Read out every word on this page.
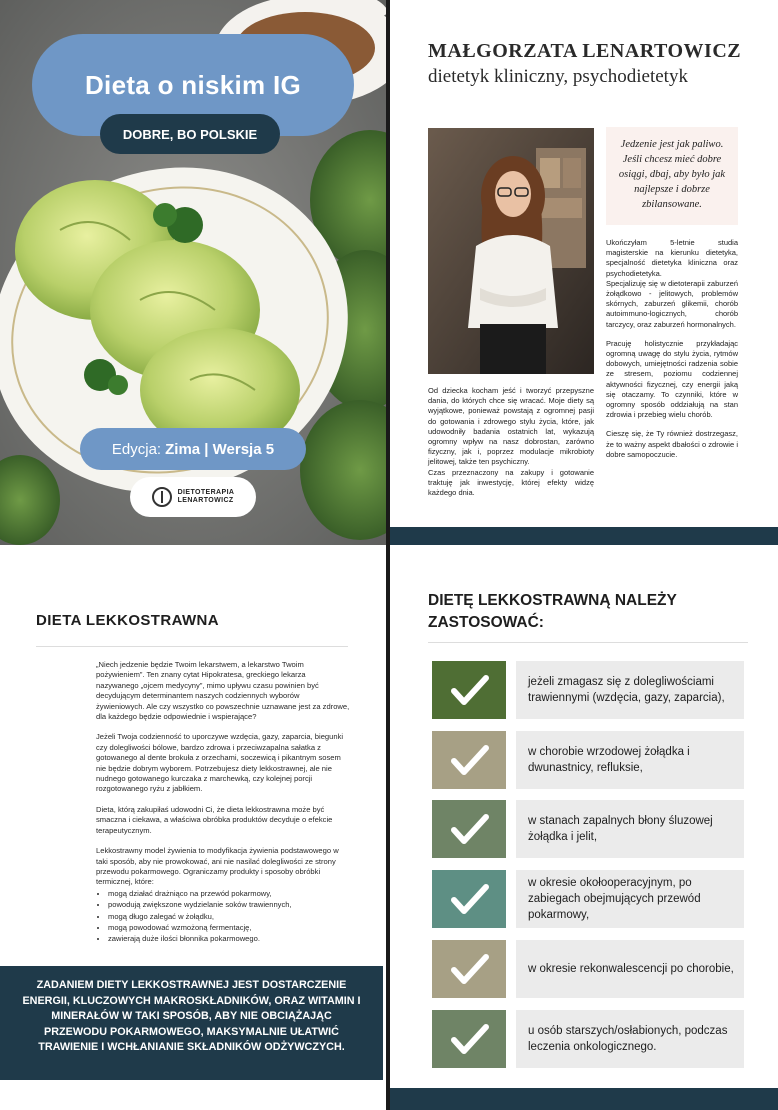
Dieta o niskim IG
DOBRE, BO POLSKIE
Edycja: Zima | Wersja 5
DIETOTERAPIA
LENARTOWICZ
MAŁGORZATA LENARTOWICZ
dietetyk kliniczny, psychodietetyk
Jedzenie jest jak paliwo. Jeśli chcesz mieć dobre osiągi, dbaj, aby było jak najlepsze i dobrze zbilansowane.

Ukończyłam 5-letnie studia magisterskie na kierunku dietetyka, specjalność dietetyka kliniczna oraz psychodietetyka.

Specjalizuję się w dietoterapii zaburzeń żołądkowo - jelitowych, problemów skórnych, zaburzeń glikemii, chorób autoimmuno-logicznych, chorób tarczycy, oraz zaburzeń hormonalnych.

Pracuję holistycznie przykładając ogromną uwagę do stylu życia, rytmów dobowych, umiejętności radzenia sobie ze stresem, poziomu codziennej aktywności fizycznej, czy energii jaką się otaczamy. To czynniki, które w ogromny sposób oddziałują na stan zdrowia i przebieg wielu chorób.

Cieszę się, że Ty również dostrzegasz, że to ważny aspekt dbałości o zdrowie i dobre samopoczucie.

Od dziecka kocham jeść i tworzyć przepyszne dania, do których chce się wracać. Moje diety są wyjątkowe, ponieważ powstają z ogromnej pasji do gotowania i zdrowego stylu życia, które, jak udowodniły badania ostatnich lat, wykazują ogromny wpływ na nasz dobrostan, zarówno fizyczny, jak i, poprzez modulacje mikrobioty jelitowej, także ten psychiczny.

Czas przeznaczony na zakupy i gotowanie traktuję jak inwestycję, której efekty widzę każdego dnia.

DIETA LEKKOSTRAWNA

„Niech jedzenie będzie Twoim lekarstwem, a lekarstwo Twoim pożywieniem”. Ten znany cytat Hipokratesa, greckiego lekarza nazywanego „ojcem medycyny”, mimo upływu czasu powinien być decydującym determinantem naszych codziennych wyborów żywieniowych. Ale czy wszystko co powszechnie uznawane jest za zdrowe, dla każdego będzie odpowiednie i wspierające?

Jeżeli Twoja codzienność to uporczywe wzdęcia, gazy, zaparcia, biegunki czy dolegliwości bólowe, bardzo zdrowa i przeciwzapalna sałatka z gotowanego al dente brokuła z orzechami, soczewicą i pikantnym sosem nie będzie dobrym wyborem. Potrzebujesz diety lekkostrawnej, ale nie nudnego gotowanego kurczaka z marchewką, czy kolejnej porcji rozgotowanego ryżu z jabłkiem.

Dieta, którą zakupiłaś udowodni Ci, że dieta lekkostrawna może być smaczna i ciekawa, a właściwa obróbka produktów decyduje o efekcie terapeutycznym.

Lekkostrawny model żywienia to modyfikacja żywienia podstawowego w taki sposób, aby nie prowokować, ani nie nasilać dolegliwości ze strony przewodu pokarmowego. Ograniczamy produkty i sposoby obróbki termicznej, które:

• mogą działać drażniąco na przewód pokarmowy,
• powodują zwiększone wydzielanie soków trawiennych,
• mogą długo zalegać w żołądku,
• mogą powodować wzmożoną fermentację,
• zawierają duże ilości błonnika pokarmowego.
ZADANIEM DIETY LEKKOSTRAWNEJ JEST DOSTARCZENIE ENERGII, KLUCZOWYCH MAKROSKŁADNIKÓW, ORAZ WITAMIN I MINERAŁÓW W TAKI SPOSÓB, ABY NIE OBCIĄŻAJĄC PRZEWODU POKARMOWEGO, MAKSYMALNIE UŁATWIĆ TRAWIENIE I WCHŁANIANIE SKŁADNIKÓW ODŻYWCZYCH.
DIETĘ LEKKOSTRAWNĄ NALEŻY ZASTOSOWAĆ:
jeżeli zmagasz się z dolegliwościami trawiennymi (wzdęcia, gazy, zaparcia),
w chorobie wrzodowej żołądka i dwunastnicy, refluksie,
w stanach zapalnych błony śluzowej żołądka i jelit,
w okresie okołooperacyjnym, po zabiegach obejmujących przewód pokarmowy,
w okresie rekonwalescencji po chorobie,
u osób starszych/osłabionych, podczas leczenia onkologicznego.
